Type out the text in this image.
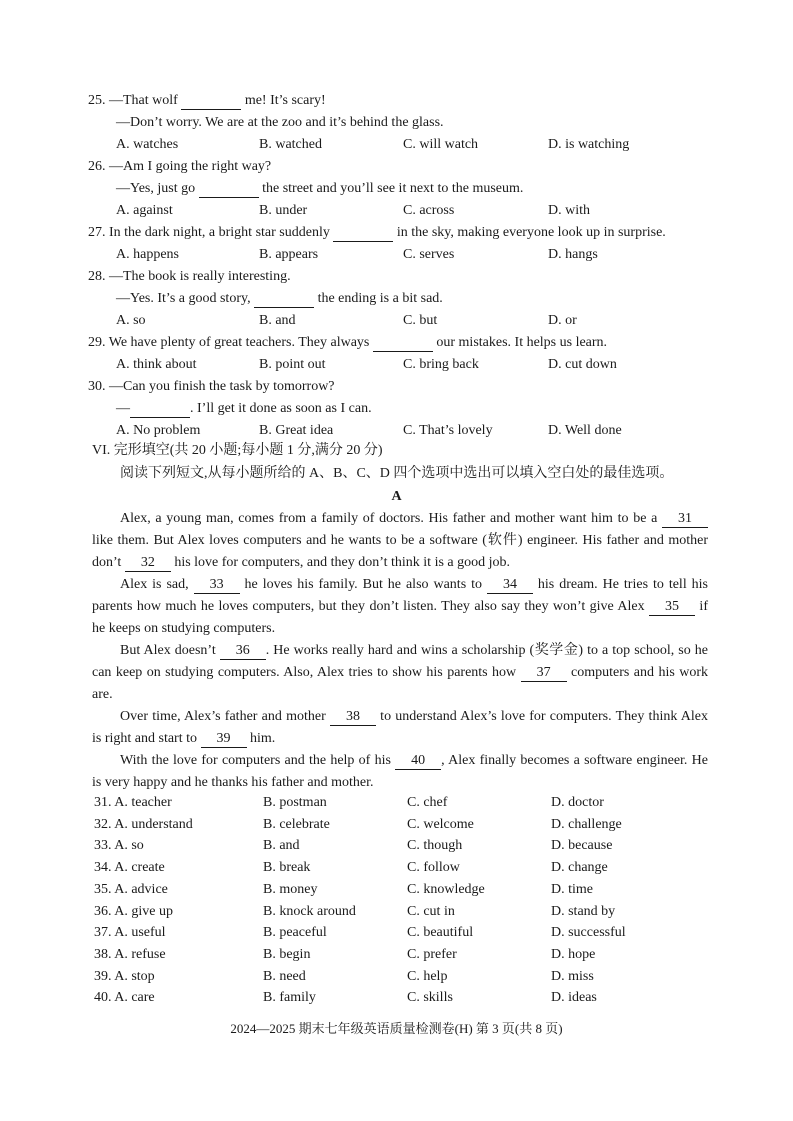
25. —That wolf	me! It’s scary!
—Don’t worry. We are at the zoo and it’s behind the glass.
A. watches	B. watched	C. will watch	D. is watching
26. —Am I going the right way?
—Yes, just go	the street and you’ll see it next to the museum.
A. against	B. under	C. across	D. with
27. In the dark night, a bright star suddenly	in the sky, making everyone look up in surprise.
A. happens	B. appears	C. serves	D. hangs
28. —The book is really interesting.
—Yes. It’s a good story,	the ending is a bit sad.
A. so	B. and	C. but	D. or
29. We have plenty of great teachers. They always	our mistakes. It helps us learn.
A. think about	B. point out	C. bring back	D. cut down
30. —Can you finish the task by tomorrow?
—	. I’ll get it done as soon as I can.
A. No problem	B. Great idea	C. That’s lovely	D. Well done
VI. 完形填空(共 20 小题;每小题 1 分,满分 20 分)
阅读下列短文,从每小题所给的 A、B、C、D 四个选项中选出可以填入空白处的最佳选项。
A
Alex, a young man, comes from a family of doctors. His father and mother want him to be a 31 like them. But Alex loves computers and he wants to be a software (软件) engineer. His father and mother don’t 32 his love for computers, and they don’t think it is a good job.
Alex is sad, 33 he loves his family. But he also wants to 34 his dream. He tries to tell his parents how much he loves computers, but they don’t listen. They also say they won’t give Alex 35 if he keeps on studying computers.
But Alex doesn’t 36 . He works really hard and wins a scholarship (奖学金) to a top school, so he can keep on studying computers. Also, Alex tries to show his parents how 37 computers and his work are.
Over time, Alex’s father and mother 38 to understand Alex’s love for computers. They think Alex is right and start to 39 him.
With the love for computers and the help of his 40 , Alex finally becomes a software engineer. He is very happy and he thanks his father and mother.
31. A. teacher	B. postman	C. chef	D. doctor
32. A. understand	B. celebrate	C. welcome	D. challenge
33. A. so	B. and	C. though	D. because
34. A. create	B. break	C. follow	D. change
35. A. advice	B. money	C. knowledge	D. time
36. A. give up	B. knock around	C. cut in	D. stand by
37. A. useful	B. peaceful	C. beautiful	D. successful
38. A. refuse	B. begin	C. prefer	D. hope
39. A. stop	B. need	C. help	D. miss
40. A. care	B. family	C. skills	D. ideas
2024—2025 期末七年级英语质量检测卷(H) 第 3 页(共 8 页)
